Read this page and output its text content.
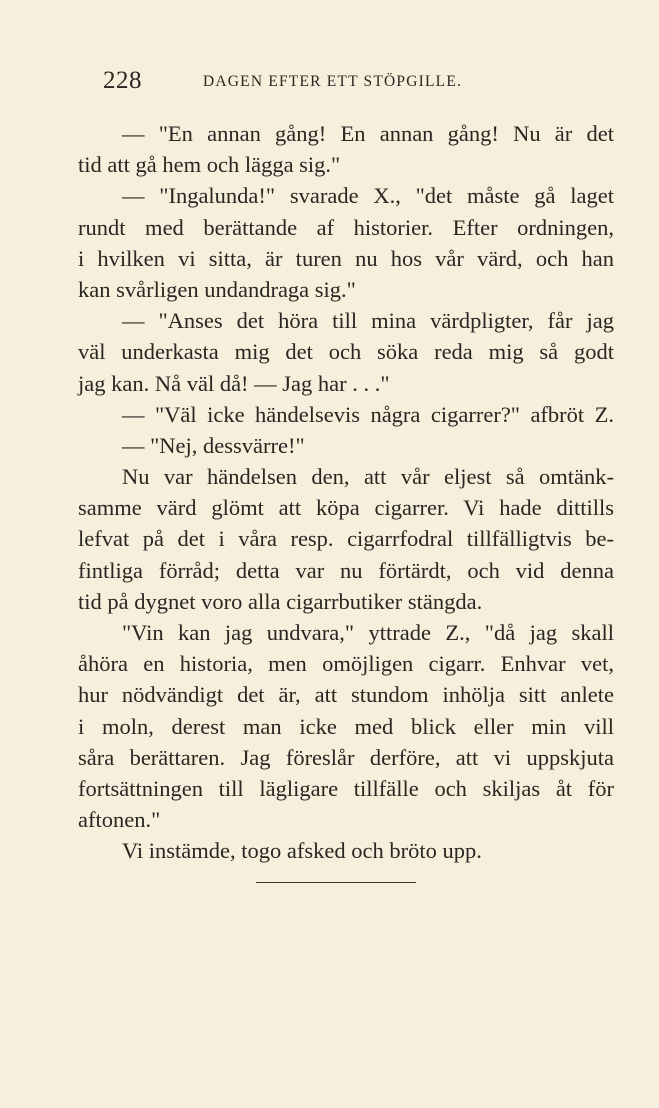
228	DAGEN EFTER ETT STÖPGILLE.
— "En annan gång! En annan gång! Nu är det
tid att gå hem och lägga sig."
— "Ingalunda!" svarade X., "det måste gå laget
rundt med berättande af historier. Efter ordningen,
i hvilken vi sitta, är turen nu hos vår värd, och han
kan svårligen undandraga sig."
— "Anses det höra till mina värdpligter, får jag
väl underkasta mig det och söka reda mig så godt
jag kan. Nå väl då! — Jag har . . ."
— "Väl icke händelsevis några cigarrer?" afbröt Z.
— "Nej, dessvärre!"
Nu var händelsen den, att vår eljest så omtänk-
samme värd glömt att köpa cigarrer. Vi hade dittills
lefvat på det i våra resp. cigarrfodral tillfälligtvis be-
fintliga förråd; detta var nu förtärdt, och vid denna
tid på dygnet voro alla cigarrbutiker stängda.
"Vin kan jag undvara," yttrade Z., "då jag skall
åhöra en historia, men omöjligen cigarr. Enhvar vet,
hur nödvändigt det är, att stundom inhölja sitt anlete
i moln, derest man icke med blick eller min vill
såra berättaren. Jag föreslår derföre, att vi uppskjuta
fortsättningen till lägligare tillfälle och skiljas åt för
aftonen."
Vi instämde, togo afsked och bröto upp.
